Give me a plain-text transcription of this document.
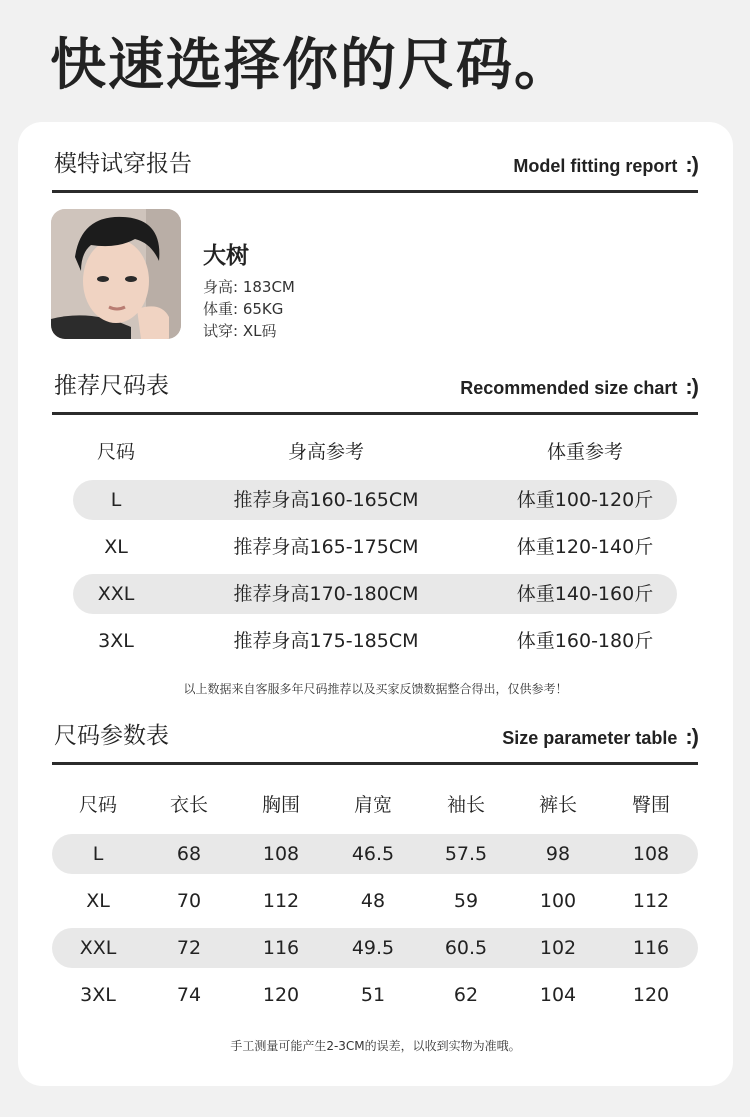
快速选择你的尺码。
模特试穿报告	Model fitting report :)
大树
身高: 183CM
体重: 65KG
试穿: XL码
推荐尺码表	Recommended size chart :)
尺码	身高参考	体重参考
L	推荐身高160-165CM	体重100-120斤
XL	推荐身高165-175CM	体重120-140斤
XXL	推荐身高170-180CM	体重140-160斤
3XL	推荐身高175-185CM	体重160-180斤
以上数据来自客服多年尺码推荐以及买家反馈数据整合得出，仅供参考！
尺码参数表	Size parameter table :)
尺码	衣长	胸围	肩宽	袖长	裤长	臀围
L	68	108	46.5	57.5	98	108
XL	70	112	48	59	100	112
XXL	72	116	49.5	60.5	102	116
3XL	74	120	51	62	104	120
手工测量可能产生2-3CM的误差，以收到实物为准哦。
